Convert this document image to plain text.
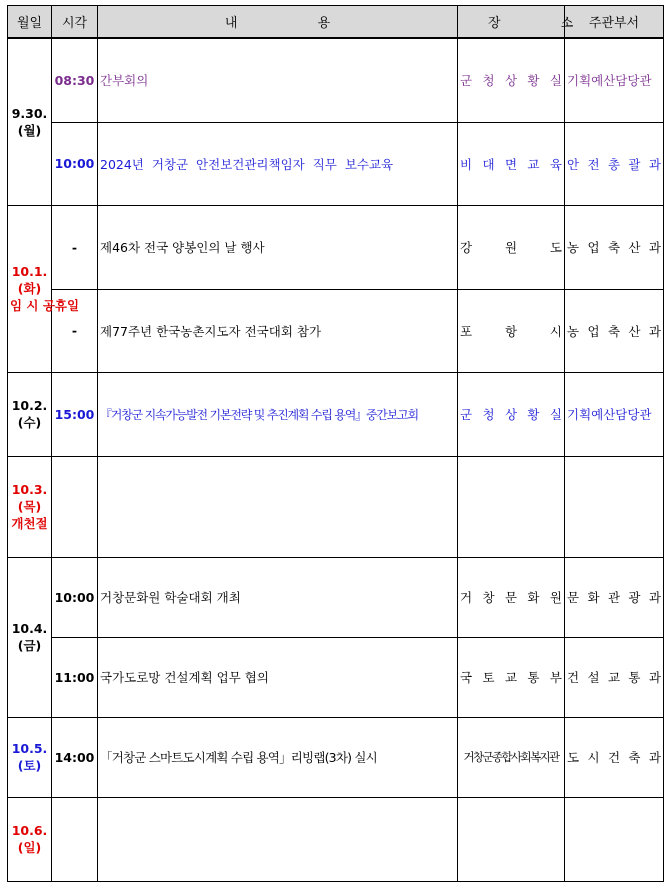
월일	시각	내 용	장 소	주관부서

9.30.
(월)	08:30	간부회의	군 청 상 황 실	기획예산담당관
	10:00	2024년 거창군 안전보건관리책임자 직무 보수교육	비 대 면 교 육	안 전 총 괄 과

10.1.
(화)
임 시 공휴일	-	제46차 전국 양봉인의 날 행사	강 원 도	농 업 축 산 과
	-	제77주년 한국농촌지도자 전국대회 참가	포 항 시	농 업 축 산 과

10.2.
(수)	15:00	『거창군 지속가능발전 기본전략 및 추진계획 수립 용역』중간보고회	군 청 상 황 실	기획예산담당관

10.3.
(목)
개천절				

10.4.
(금)	10:00	거창문화원 학술대회 개최	거 창 문 화 원	문 화 관 광 과
	11:00	국가도로망 건설계획 업무 협의	국 토 교 통 부	건 설 교 통 과

10.5.
(토)	14:00	「거창군 스마트도시계획 수립 용역」리빙랩(3차) 실시	거창군종합사회복지관	도 시 건 축 과

10.6.
(일)				
